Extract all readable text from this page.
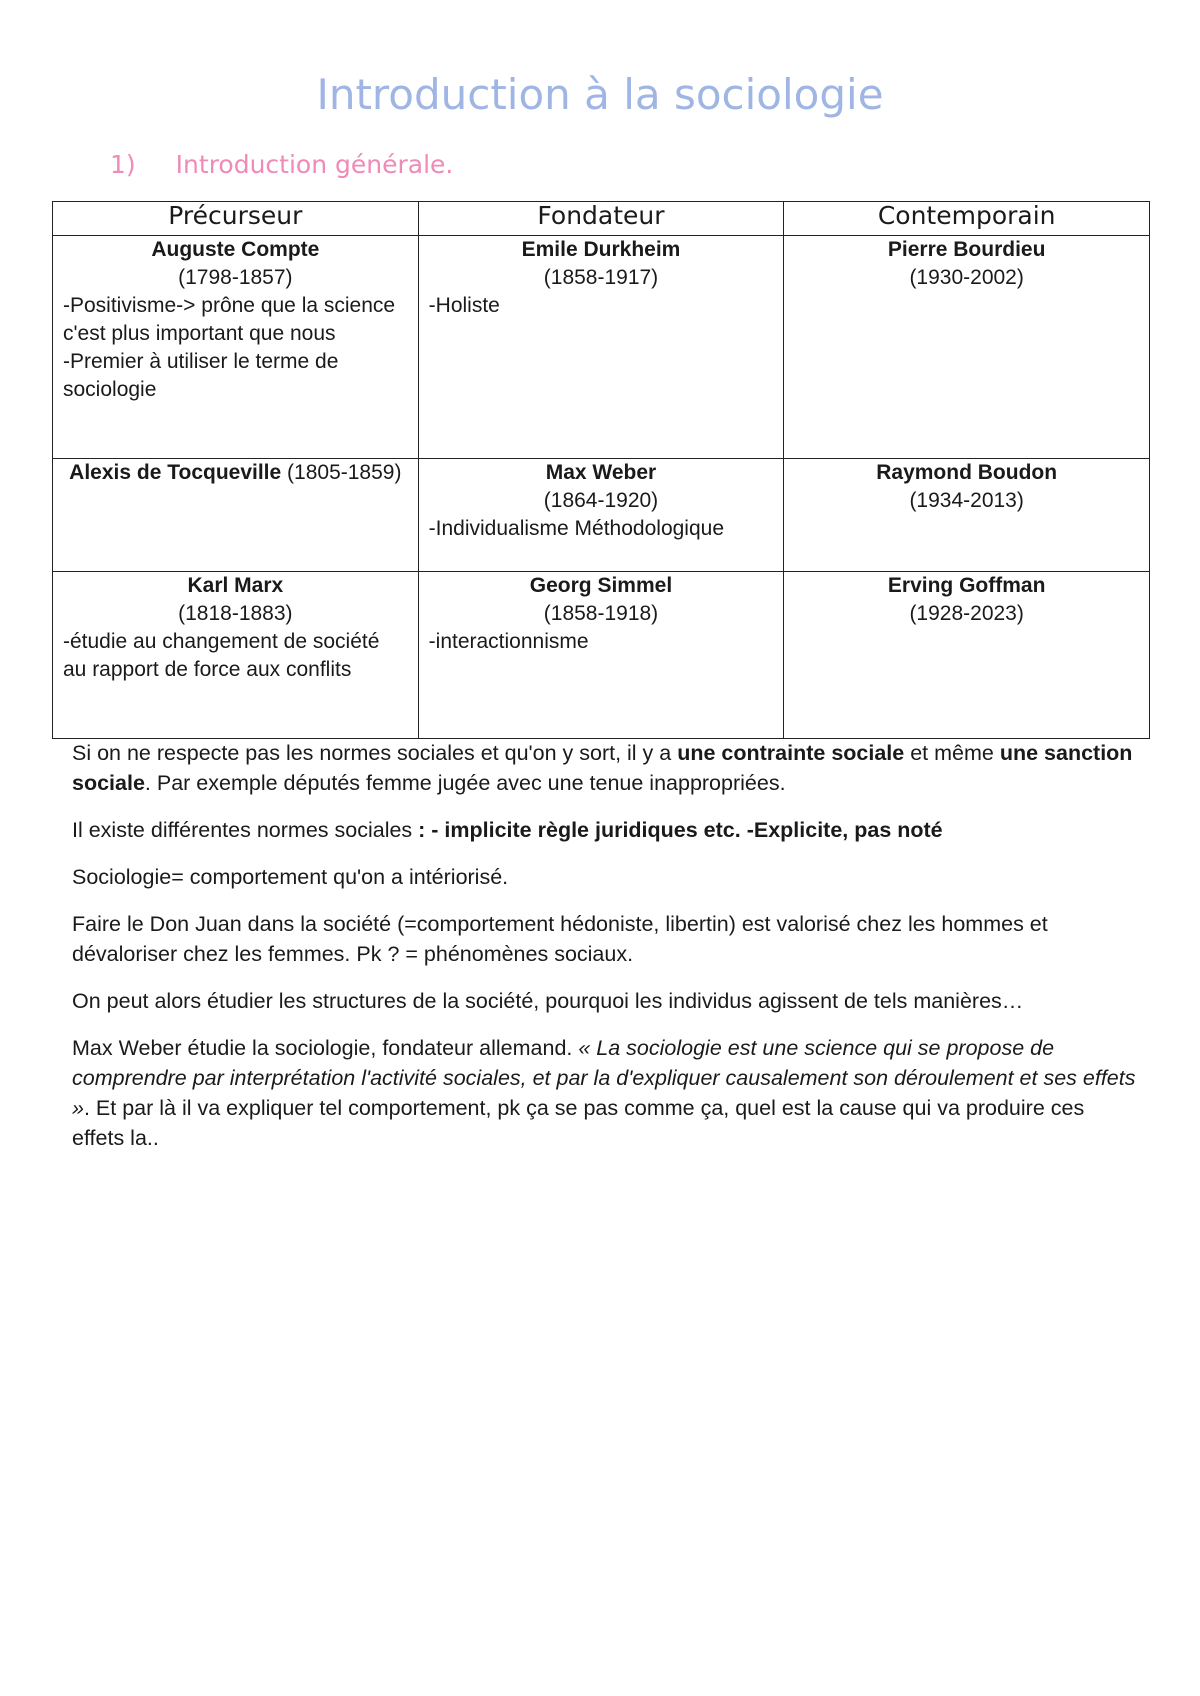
Introduction à la sociologie
1) Introduction générale.
Précurseur	Fondateur	Contemporain

Auguste Compte
(1798-1857)
-Positivisme-> prône que la science c'est plus important que nous
-Premier à utiliser le terme de sociologie	Emile Durkheim
(1858-1917)
-Holiste	Pierre Bourdieu
(1930-2002)

Alexis de Tocqueville (1805-1859)	Max Weber
(1864-1920)
-Individualisme Méthodologique	Raymond Boudon
(1934-2013)

Karl Marx
(1818-1883)
-étudie au changement de société au rapport de force aux conflits	Georg Simmel
(1858-1918)
-interactionnisme	Erving Goffman
(1928-2023)

Si on ne respecte pas les normes sociales et qu'on y sort, il y a une contrainte sociale et même une sanction sociale. Par exemple députés femme jugée avec une tenue inappropriées.

Il existe différentes normes sociales : - implicite règle juridiques etc. -Explicite, pas noté

Sociologie= comportement qu'on a intériorisé.

Faire le Don Juan dans la société (=comportement hédoniste, libertin) est valorisé chez les hommes et dévaloriser chez les femmes. Pk ? = phénomènes sociaux.

On peut alors étudier les structures de la société, pourquoi les individus agissent de tels manières…

Max Weber étudie la sociologie, fondateur allemand. « La sociologie est une science qui se propose de comprendre par interprétation l'activité sociales, et par la d'expliquer causalement son déroulement et ses effets ». Et par là il va expliquer tel comportement, pk ça se pas comme ça, quel est la cause qui va produire ces effets la..
